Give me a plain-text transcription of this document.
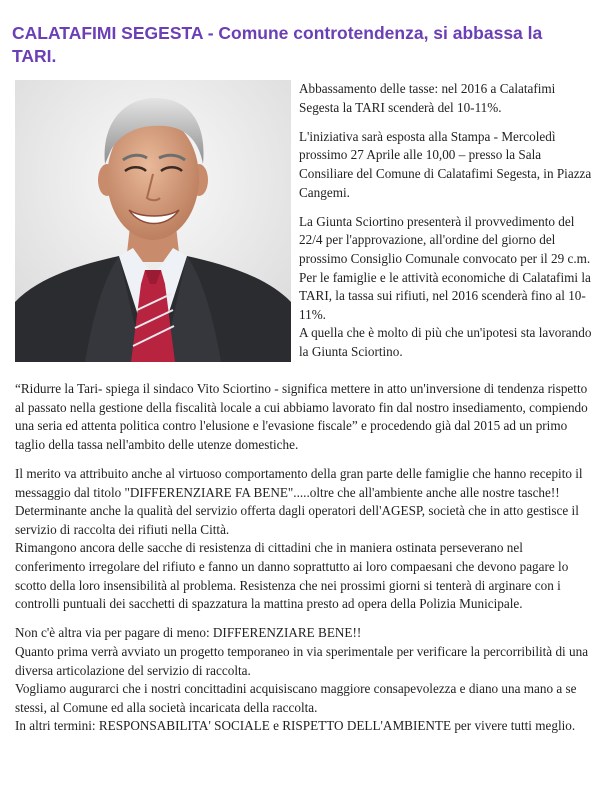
CALATAFIMI SEGESTA - Comune controtendenza, si abbassa la TARI.

Abbassamento delle tasse: nel 2016 a Calatafimi Segesta la TARI scenderà del 10-11%.

L'iniziativa sarà esposta alla Stampa - Mercoledì prossimo 27 Aprile alle 10,00 – presso la Sala Consiliare del Comune di Calatafimi Segesta, in Piazza Cangemi.

La Giunta Sciortino presenterà il provvedimento del 22/4 per l'approvazione, all'ordine del giorno del prossimo Consiglio Comunale convocato per il 29 c.m.

Per le famiglie e le attività economiche di Calatafimi la TARI, la tassa sui rifiuti, nel 2016 scenderà fino al 10-11%.

A quella che è molto di più che un'ipotesi sta lavorando la Giunta Sciortino.

“Ridurre la Tari- spiega il sindaco Vito Sciortino - significa mettere in atto un'inversione di tendenza rispetto al passato nella gestione della fiscalità locale a cui abbiamo lavorato fin dal nostro insediamento, compiendo una seria ed attenta politica contro l'elusione e l'evasione fiscale” e procedendo già dal 2015 ad un primo taglio della tassa nell'ambito delle utenze domestiche.

Il merito va attribuito anche al virtuoso comportamento della gran parte delle famiglie che hanno recepito il messaggio dal titolo "DIFFERENZIARE FA BENE".....oltre che all'ambiente anche alle nostre tasche!!

Determinante anche la qualità del servizio offerta dagli operatori dell'AGESP, società che in atto gestisce il servizio di raccolta dei rifiuti nella Città.

Rimangono ancora delle sacche di resistenza di cittadini che in maniera ostinata perseverano nel conferimento irregolare del rifiuto e fanno un danno soprattutto ai loro compaesani che devono pagare lo scotto della loro insensibilità al problema. Resistenza che nei prossimi giorni si tenterà di arginare con i controlli puntuali dei sacchetti di spazzatura la mattina presto ad opera della Polizia Municipale.

Non c'è altra via per pagare di meno: DIFFERENZIARE BENE!!

Quanto prima verrà avviato un progetto temporaneo in via sperimentale per verificare la percorribilità di una diversa articolazione del servizio di raccolta.

Vogliamo augurarci che i nostri concittadini acquisiscano maggiore consapevolezza e diano una mano a se stessi, al Comune ed alla società incaricata della raccolta.

In altri termini: RESPONSABILITA' SOCIALE e RISPETTO DELL'AMBIENTE per vivere tutti meglio.
